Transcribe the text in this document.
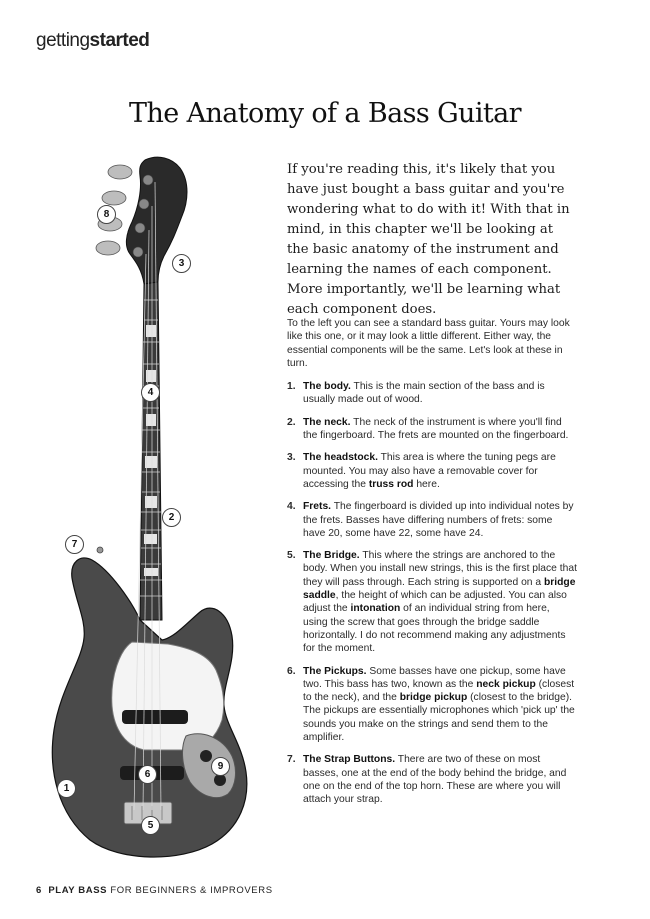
gettingstarted
The Anatomy of a Bass Guitar
1
2
3
4
5
6
7
8
9
If you're reading this, it's likely that you have just bought a bass guitar and you're wondering what to do with it! With that in mind, in this chapter we'll be looking at the basic anatomy of the instrument and learning the names of each component. More importantly, we'll be learning what each component does.

To the left you can see a standard bass guitar. Yours may look like this one, or it may look a little different. Either way, the essential components will be the same. Let's look at these in turn.

1. The body. This is the main section of the bass and is usually made out of wood.
2. The neck. The neck of the instrument is where you'll find the fingerboard. The frets are mounted on the fingerboard.
3. The headstock. This area is where the tuning pegs are mounted. You may also have a removable cover for accessing the truss rod here.
4. Frets. The fingerboard is divided up into individual notes by the frets. Basses have differing numbers of frets: some have 20, some have 22, some have 24.
5. The Bridge. This where the strings are anchored to the body. When you install new strings, this is the first place that they will pass through. Each string is supported on a bridge saddle, the height of which can be adjusted. You can also adjust the intonation of an individual string from here, using the screw that goes through the bridge saddle horizontally. I do not recommend making any adjustments for the moment.
6. The Pickups. Some basses have one pickup, some have two. This bass has two, known as the neck pickup (closest to the neck), and the bridge pickup (closest to the bridge). The pickups are essentially microphones which 'pick up' the sounds you make on the strings and send them to the amplifier.
7. The Strap Buttons. There are two of these on most basses, one at the end of the body behind the bridge, and one on the end of the top horn. These are where you will attach your strap.
6 PLAY BASS FOR BEGINNERS & IMPROVERS
